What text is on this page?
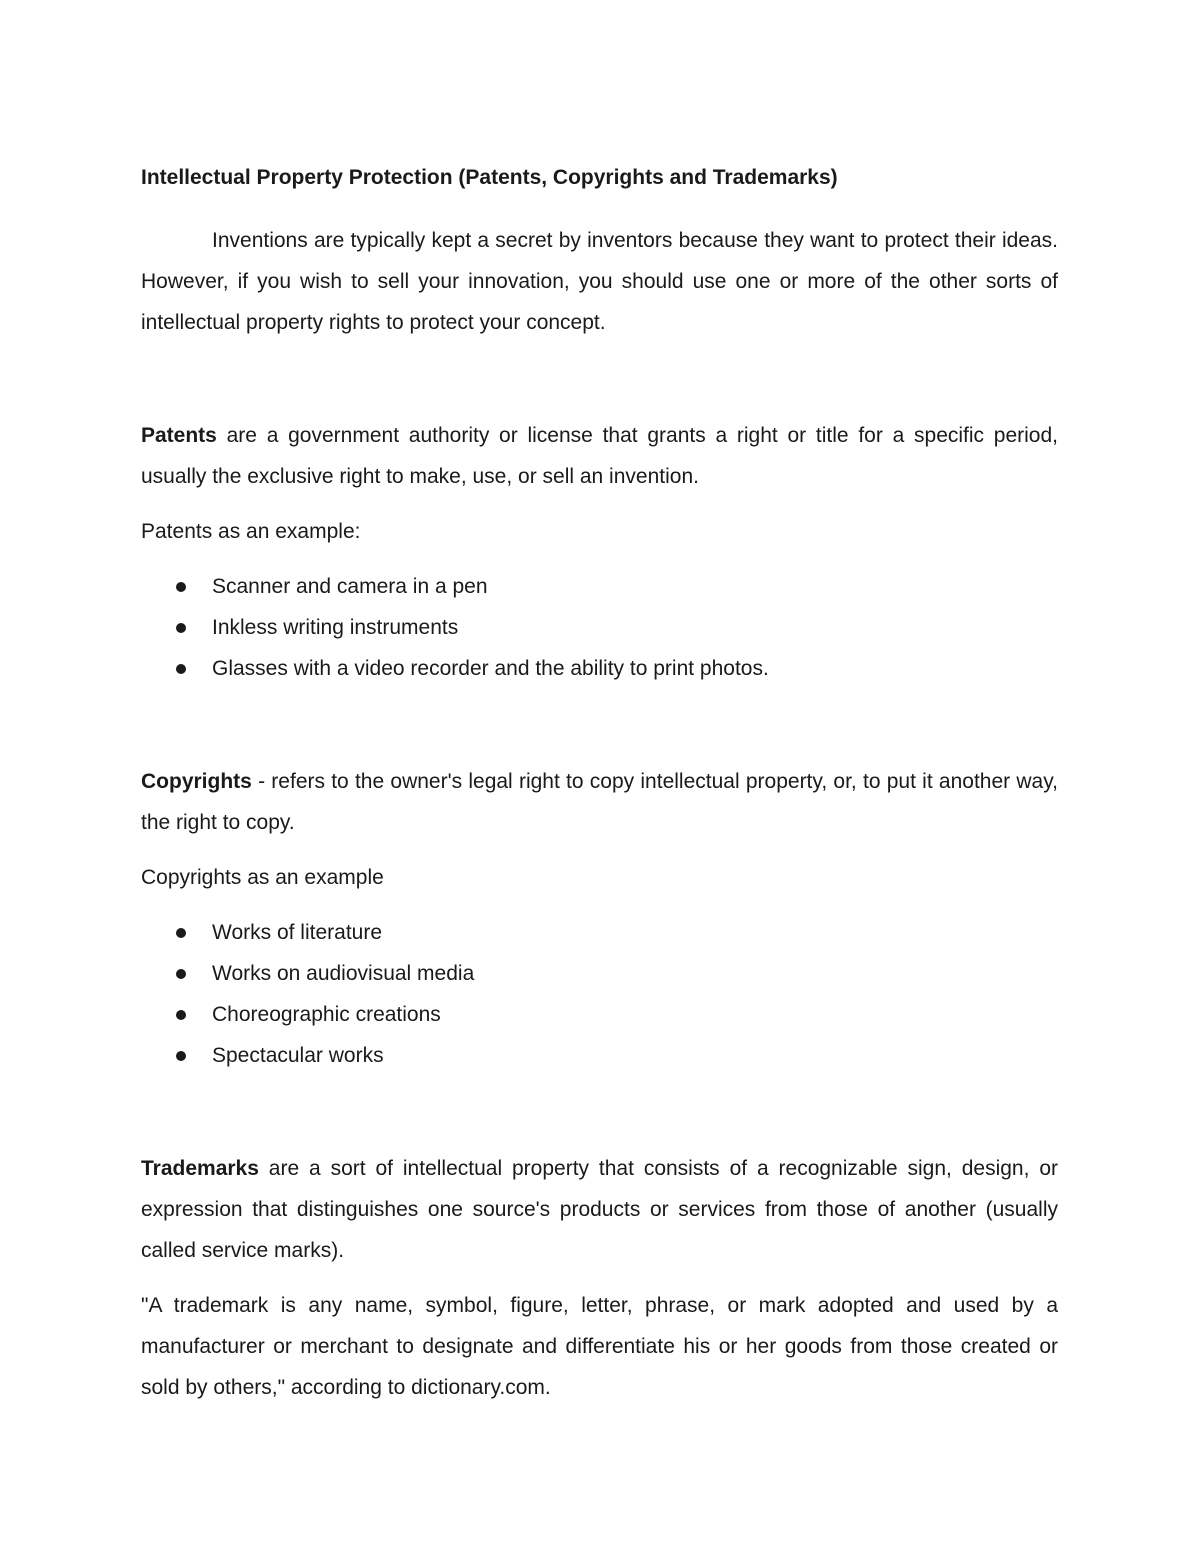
Intellectual Property Protection (Patents, Copyrights and Trademarks)

Inventions are typically kept a secret by inventors because they want to protect their ideas. However, if you wish to sell your innovation, you should use one or more of the other sorts of intellectual property rights to protect your concept.

Patents are a government authority or license that grants a right or title for a specific period, usually the exclusive right to make, use, or sell an invention.

Patents as an example:

Scanner and camera in a pen
Inkless writing instruments
Glasses with a video recorder and the ability to print photos.

Copyrights - refers to the owner's legal right to copy intellectual property, or, to put it another way, the right to copy.

Copyrights as an example

Works of literature
Works on audiovisual media
Choreographic creations
Spectacular works

Trademarks are a sort of intellectual property that consists of a recognizable sign, design, or expression that distinguishes one source's products or services from those of another (usually called service marks).

"A trademark is any name, symbol, figure, letter, phrase, or mark adopted and used by a manufacturer or merchant to designate and differentiate his or her goods from those created or sold by others," according to dictionary.com.
